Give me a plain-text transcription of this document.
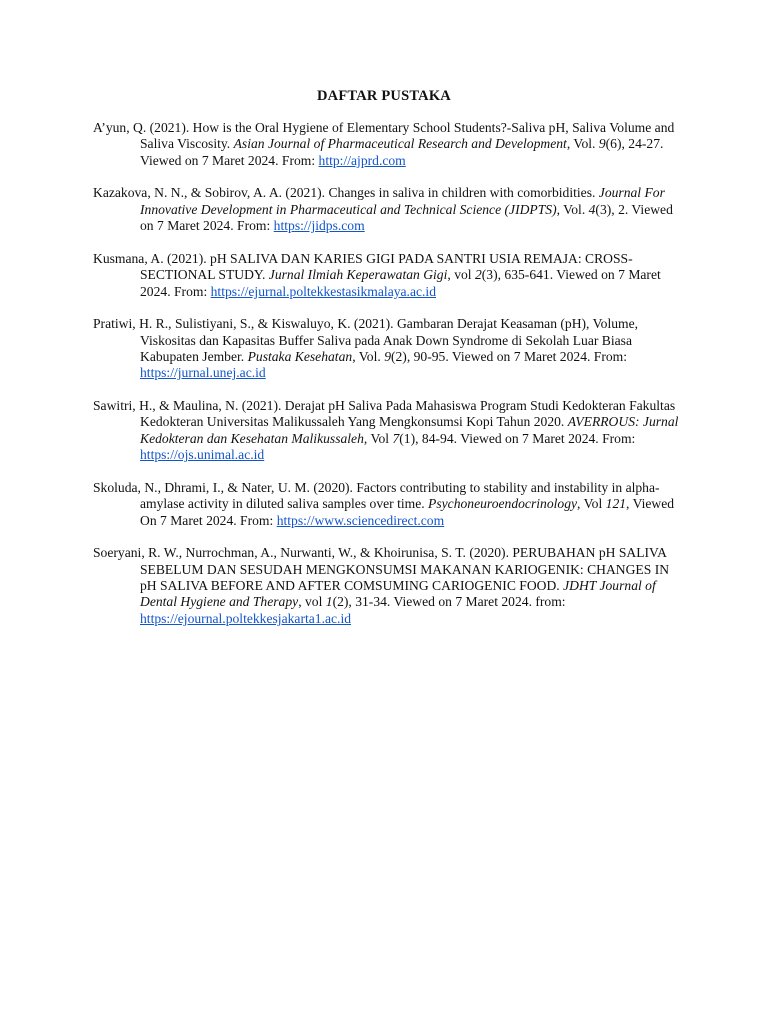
DAFTAR PUSTAKA

A’yun, Q. (2021). How is the Oral Hygiene of Elementary School Students?-Saliva pH, Saliva Volume and Saliva Viscosity. Asian Journal of Pharmaceutical Research and Development, Vol. 9(6), 24-27. Viewed on 7 Maret 2024. From: http://ajprd.com

Kazakova, N. N., & Sobirov, A. A. (2021). Changes in saliva in children with comorbidities. Journal For Innovative Development in Pharmaceutical and Technical Science (JIDPTS), Vol. 4(3), 2. Viewed on 7 Maret 2024. From: https://jidps.com

Kusmana, A. (2021). pH SALIVA DAN KARIES GIGI PADA SANTRI USIA REMAJA: CROSS-SECTIONAL STUDY. Jurnal Ilmiah Keperawatan Gigi, vol 2(3), 635-641. Viewed on 7 Maret 2024. From: https://ejurnal.poltekkestasikmalaya.ac.id

Pratiwi, H. R., Sulistiyani, S., & Kiswaluyo, K. (2021). Gambaran Derajat Keasaman (pH), Volume, Viskositas dan Kapasitas Buffer Saliva pada Anak Down Syndrome di Sekolah Luar Biasa Kabupaten Jember. Pustaka Kesehatan, Vol. 9(2), 90-95. Viewed on 7 Maret 2024. From: https://jurnal.unej.ac.id

Sawitri, H., & Maulina, N. (2021). Derajat pH Saliva Pada Mahasiswa Program Studi Kedokteran Fakultas Kedokteran Universitas Malikussaleh Yang Mengkonsumsi Kopi Tahun 2020. AVERROUS: Jurnal Kedokteran dan Kesehatan Malikussaleh, Vol 7(1), 84-94. Viewed on 7 Maret 2024. From: https://ojs.unimal.ac.id

Skoluda, N., Dhrami, I., & Nater, U. M. (2020). Factors contributing to stability and instability in alpha-amylase activity in diluted saliva samples over time. Psychoneuroendocrinology, Vol 121, Viewed On 7 Maret 2024. From: https://www.sciencedirect.com

Soeryani, R. W., Nurrochman, A., Nurwanti, W., & Khoirunisa, S. T. (2020). PERUBAHAN pH SALIVA SEBELUM DAN SESUDAH MENGKONSUMSI MAKANAN KARIOGENIK: CHANGES IN pH SALIVA BEFORE AND AFTER COMSUMING CARIOGENIC FOOD. JDHT Journal of Dental Hygiene and Therapy, vol 1(2), 31-34. Viewed on 7 Maret 2024. from: https://ejournal.poltekkesjakarta1.ac.id
